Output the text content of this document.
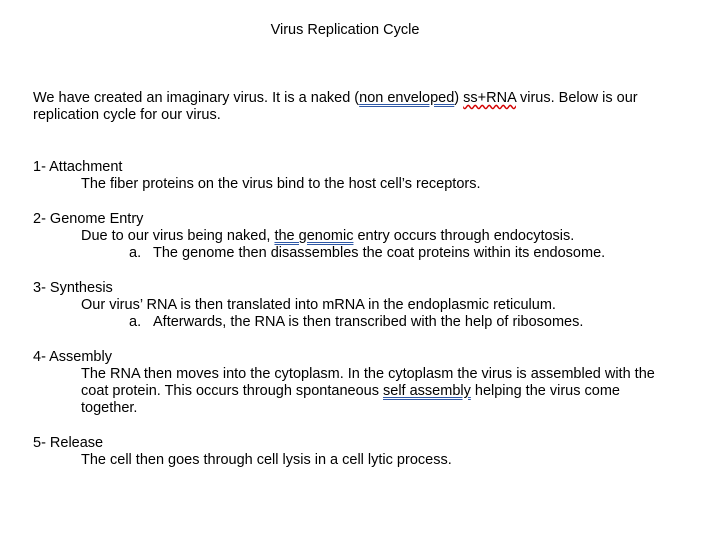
Virus Replication Cycle
We have created an imaginary virus. It is a naked (non enveloped) ss+RNA virus. Below is our replication cycle for our virus.
1- Attachment
The fiber proteins on the virus bind to the host cell’s receptors.
2- Genome Entry
Due to our virus being naked, the genomic entry occurs through endocytosis.
a. The genome then disassembles the coat proteins within its endosome.
3- Synthesis
Our virus’ RNA is then translated into mRNA in the endoplasmic reticulum.
a. Afterwards, the RNA is then transcribed with the help of ribosomes.
4- Assembly
The RNA then moves into the cytoplasm. In the cytoplasm the virus is assembled with the coat protein. This occurs through spontaneous self assembly helping the virus come together.
5- Release
The cell then goes through cell lysis in a cell lytic process.
